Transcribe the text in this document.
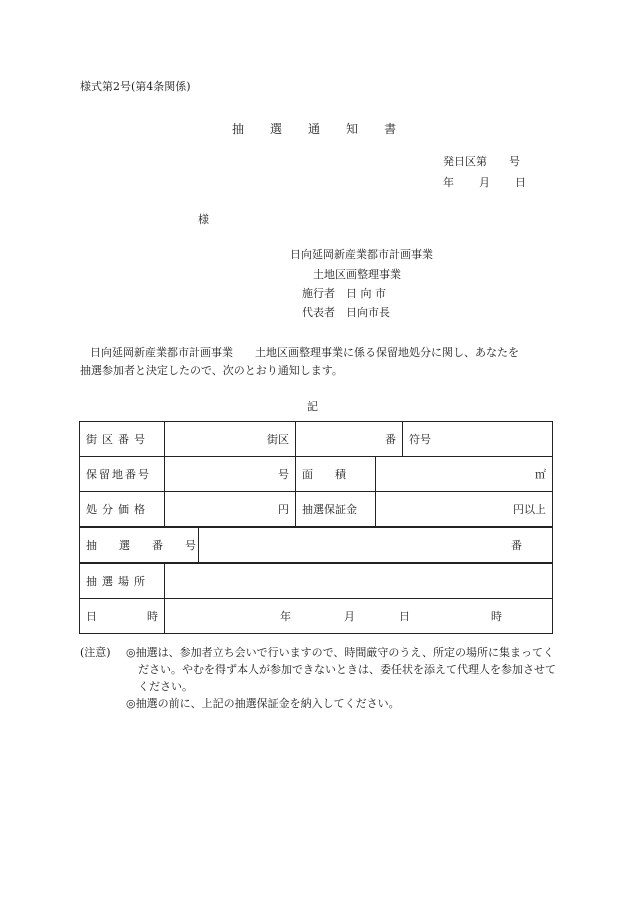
様式第2号(第4条関係)
抽 選 通 知 書
発日区第 号
年 月 日
様
日向延岡新産業都市計画事業
土地区画整理事業
施行者　日 向 市
代表者　日向市長

日向延岡新産業都市計画事業　　土地区画整理事業に係る保留地処分に関し、あなたを

抽選参加者と決定したので、次のとおり通知します。

記
街区番号	街区		番		符号
保留地番号	号		面　　積	㎡	
処分価格	円		抽選保証金	円以上	
抽選番号		番			
抽選場所					

日 時	年 月 日 時				
(注意) ◎抽選は、参加者立ち会いで行いますので、時間厳守のうえ、所定の場所に集まってください。やむを得ず本人が参加できないときは、委任状を添えて代理人を参加させてください。
◎抽選の前に、上記の抽選保証金を納入してください。
